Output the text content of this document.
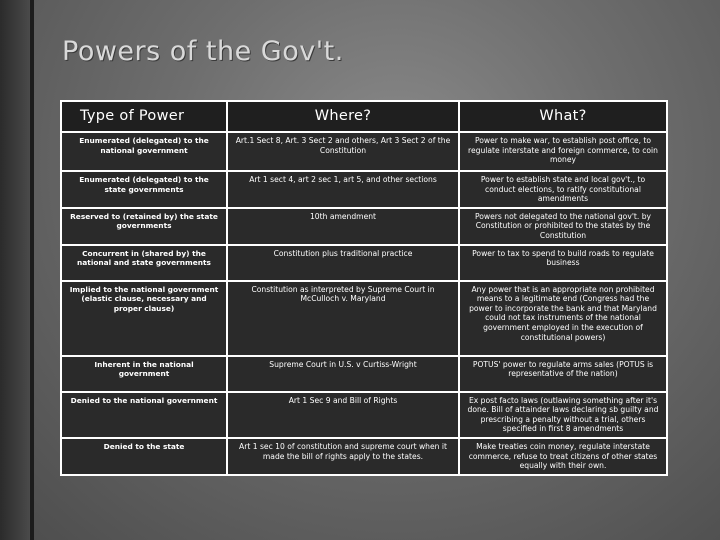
Powers of the Gov't.
Type of Power	Where?	What?
Enumerated (delegated) to the national government	Art.1 Sect 8, Art. 3 Sect 2 and others, Art 3 Sect 2 of the Constitution	Power to make war, to establish post office, to regulate interstate and foreign commerce, to coin money
Enumerated (delegated) to the state governments	Art 1 sect 4, art 2 sec 1, art 5, and other sections	Power to establish state and local gov't., to conduct elections, to ratify constitutional amendments
Reserved to (retained by) the state governments	10th amendment	Powers not delegated to the national gov't. by Constitution or prohibited to the states by the Constitution
Concurrent in (shared by) the national and state governments	Constitution plus traditional practice	Power to tax to spend to build roads to regulate business
Implied to the national government (elastic clause, necessary and proper clause)	Constitution as interpreted by Supreme Court in McCulloch v. Maryland	Any power that is an appropriate non prohibited means to a legitimate end (Congress had the power to incorporate the bank and that Maryland could not tax instruments of the national government employed in the execution of constitutional powers)
Inherent in the national government	Supreme Court in U.S. v Curtiss-Wright	POTUS' power to regulate arms sales (POTUS is representative of the nation)
Denied to the national government	Art 1 Sec 9 and Bill of Rights	Ex post facto laws (outlawing something after it's done. Bill of attainder laws declaring sb guilty and prescribing a penalty without a trial, others specified in first 8 amendments
Denied to the state	Art 1 sec 10 of constitution and supreme court when it made the bill of rights apply to the states.	Make treaties coin money, regulate interstate commerce, refuse to treat citizens of other states equally with their own.
